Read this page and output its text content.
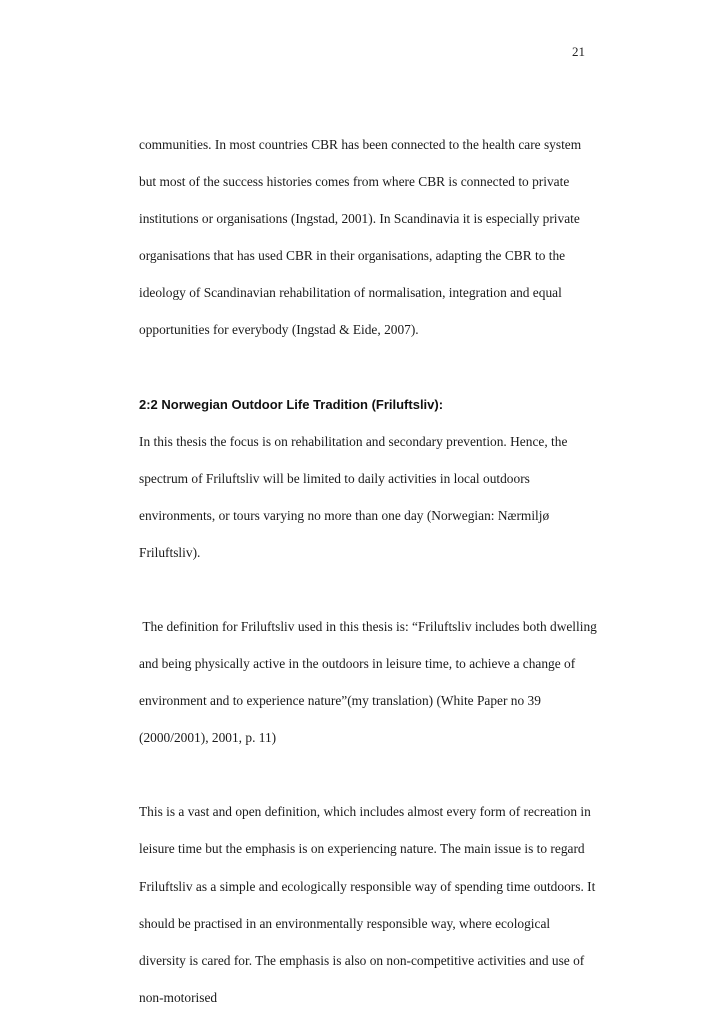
21

communities. In most countries CBR has been connected to the health care system but most of the success histories comes from where CBR is connected to private institutions or organisations (Ingstad, 2001). In Scandinavia it is especially private organisations that has used CBR in their organisations, adapting the CBR to the ideology of Scandinavian rehabilitation of normalisation, integration and equal opportunities for everybody (Ingstad & Eide, 2007).

2:2 Norwegian Outdoor Life Tradition (Friluftsliv):

In this thesis the focus is on rehabilitation and secondary prevention. Hence, the spectrum of Friluftsliv will be limited to daily activities in local outdoors environments, or tours varying no more than one day (Norwegian: Nærmiljø Friluftsliv).

The definition for Friluftsliv used in this thesis is: “Friluftsliv includes both dwelling and being physically active in the outdoors in leisure time, to achieve a change of environment and to experience nature”(my translation) (White Paper no 39 (2000/2001), 2001, p. 11)

This is a vast and open definition, which includes almost every form of recreation in leisure time but the emphasis is on experiencing nature. The main issue is to regard Friluftsliv as a simple and ecologically responsible way of spending time outdoors. It should be practised in an environmentally responsible way, where ecological diversity is cared for. The emphasis is also on non-competitive activities and use of non-motorised
